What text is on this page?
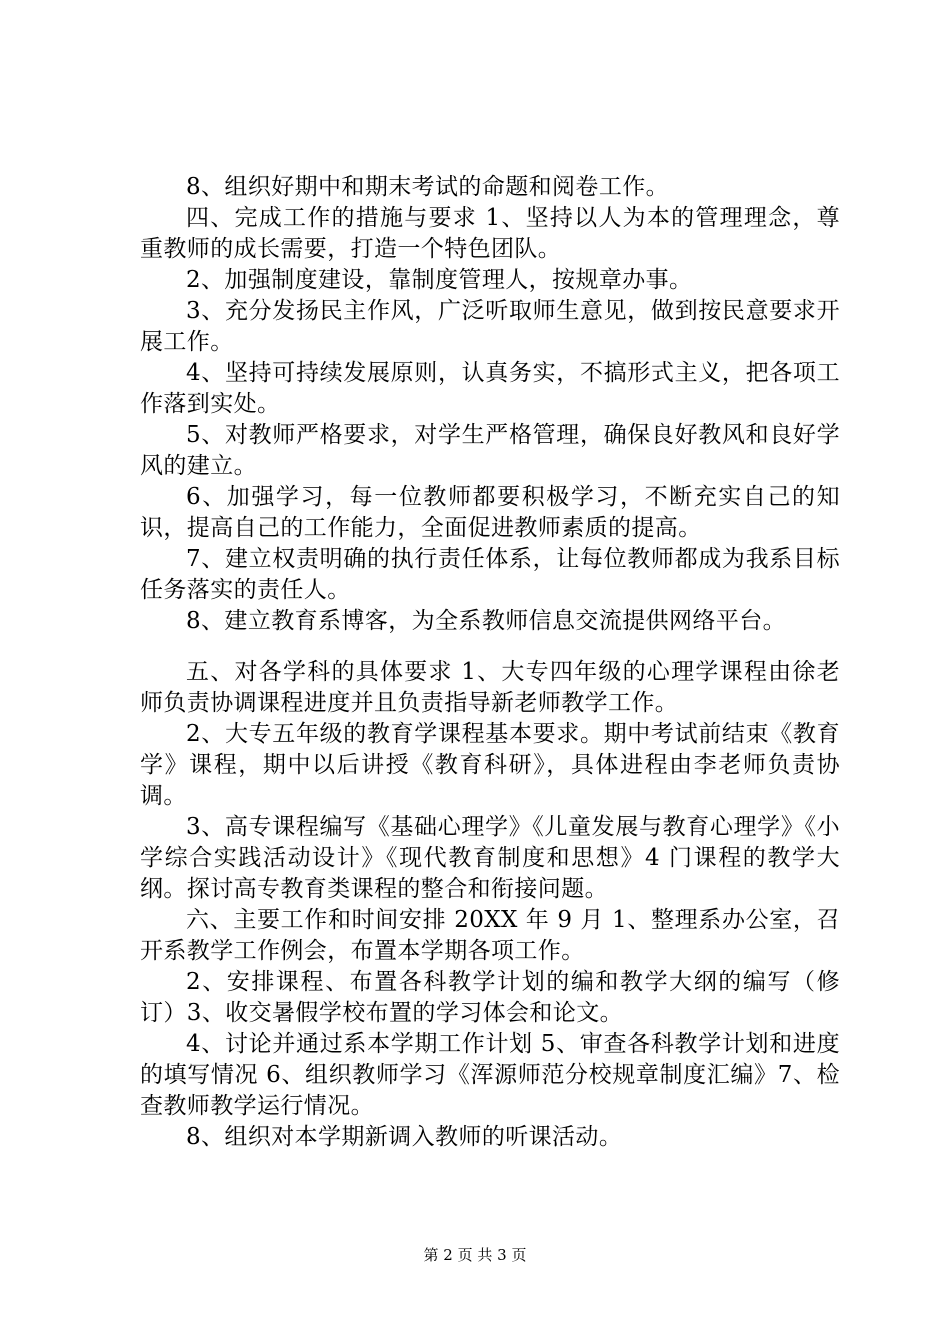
8、组织好期中和期末考试的命题和阅卷工作。

四、完成工作的措施与要求 1、坚持以人为本的管理理念，尊重教师的成长需要，打造一个特色团队。

2、加强制度建设，靠制度管理人，按规章办事。

3、充分发扬民主作风，广泛听取师生意见，做到按民意要求开展工作。

4、坚持可持续发展原则，认真务实，不搞形式主义，把各项工作落到实处。

5、对教师严格要求，对学生严格管理，确保良好教风和良好学风的建立。

6、加强学习，每一位教师都要积极学习，不断充实自己的知识，提高自己的工作能力，全面促进教师素质的提高。

7、建立权责明确的执行责任体系，让每位教师都成为我系目标任务落实的责任人。

8、建立教育系博客，为全系教师信息交流提供网络平台。

五、对各学科的具体要求 1、大专四年级的心理学课程由徐老师负责协调课程进度并且负责指导新老师教学工作。

2、大专五年级的教育学课程基本要求。期中考试前结束《教育学》课程，期中以后讲授《教育科研》，具体进程由李老师负责协调。

3、高专课程编写《基础心理学》《儿童发展与教育心理学》《小学综合实践活动设计》《现代教育制度和思想》4 门课程的教学大纲。探讨高专教育类课程的整合和衔接问题。

六、主要工作和时间安排 20XX 年 9 月 1、整理系办公室，召开系教学工作例会，布置本学期各项工作。

2、安排课程、布置各科教学计划的编和教学大纲的编写（修订）3、收交暑假学校布置的学习体会和论文。

4、讨论并通过系本学期工作计划 5、审查各科教学计划和进度的填写情况 6、组织教师学习《浑源师范分校规章制度汇编》7、检查教师教学运行情况。

8、组织对本学期新调入教师的听课活动。

第 2 页 共 3 页
